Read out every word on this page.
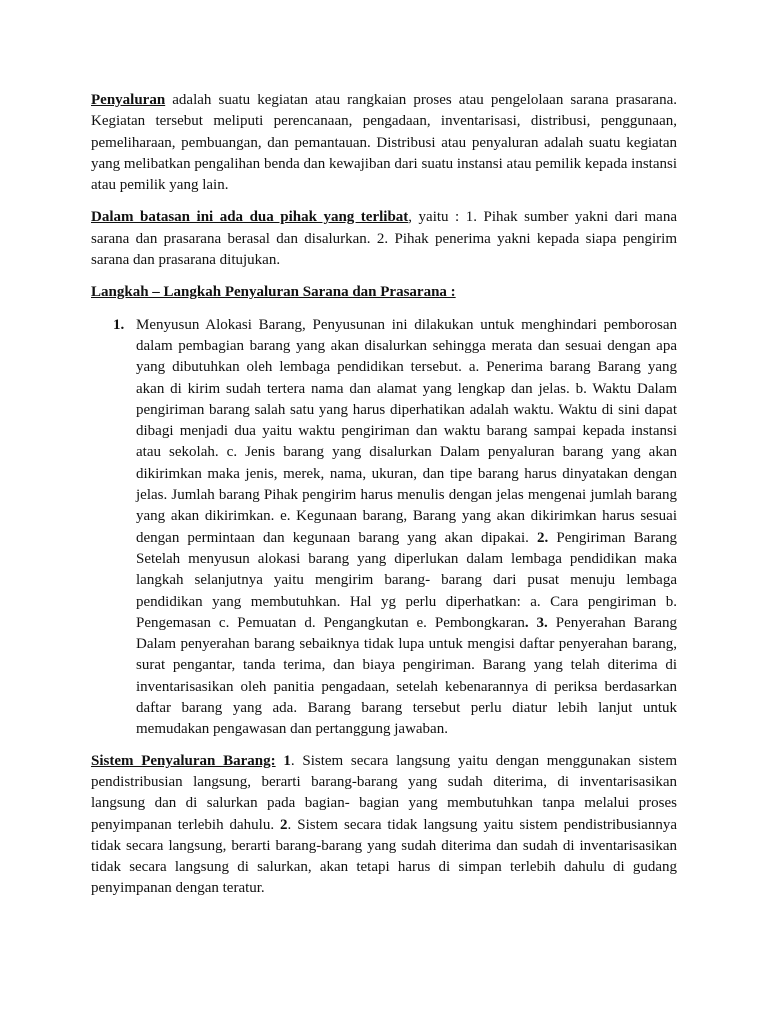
Penyaluran adalah suatu kegiatan atau rangkaian proses atau pengelolaan sarana prasarana. Kegiatan tersebut meliputi perencanaan, pengadaan, inventarisasi, distribusi, penggunaan, pemeliharaan, pembuangan, dan pemantauan. Distribusi atau penyaluran adalah suatu kegiatan yang melibatkan pengalihan benda dan kewajiban dari suatu instansi atau pemilik kepada instansi atau pemilik yang lain.

Dalam batasan ini ada dua pihak yang terlibat, yaitu : 1. Pihak sumber yakni dari mana sarana dan prasarana berasal dan disalurkan. 2. Pihak penerima yakni kepada siapa pengirim sarana dan prasarana ditujukan.

Langkah – Langkah Penyaluran Sarana dan Prasarana :

1. Menyusun Alokasi Barang, Penyusunan ini dilakukan untuk menghindari pemborosan dalam pembagian barang yang akan disalurkan sehingga merata dan sesuai dengan apa yang dibutuhkan oleh lembaga pendidikan tersebut. a. Penerima barang Barang yang akan di kirim sudah tertera nama dan alamat yang lengkap dan jelas. b. Waktu Dalam pengiriman barang salah satu yang harus diperhatikan adalah waktu. Waktu di sini dapat dibagi menjadi dua yaitu waktu pengiriman dan waktu barang sampai kepada instansi atau sekolah. c. Jenis barang yang disalurkan Dalam penyaluran barang yang akan dikirimkan maka jenis, merek, nama, ukuran, dan tipe barang harus dinyatakan dengan jelas. Jumlah barang Pihak pengirim harus menulis dengan jelas mengenai jumlah barang yang akan dikirimkan. e. Kegunaan barang, Barang yang akan dikirimkan harus sesuai dengan permintaan dan kegunaan barang yang akan dipakai. 2. Pengiriman Barang Setelah menyusun alokasi barang yang diperlukan dalam lembaga pendidikan maka langkah selanjutnya yaitu mengirim barang- barang dari pusat menuju lembaga pendidikan yang membutuhkan. Hal yg perlu diperhatkan: a. Cara pengiriman b. Pengemasan c. Pemuatan d. Pengangkutan e. Pembongkaran. 3. Penyerahan Barang Dalam penyerahan barang sebaiknya tidak lupa untuk mengisi daftar penyerahan barang, surat pengantar, tanda terima, dan biaya pengiriman. Barang yang telah diterima di inventarisasikan oleh panitia pengadaan, setelah kebenarannya di periksa berdasarkan daftar barang yang ada. Barang barang tersebut perlu diatur lebih lanjut untuk memudakan pengawasan dan pertanggung jawaban.

Sistem Penyaluran Barang: 1. Sistem secara langsung yaitu dengan menggunakan sistem pendistribusian langsung, berarti barang-barang yang sudah diterima, di inventarisasikan langsung dan di salurkan pada bagian- bagian yang membutuhkan tanpa melalui proses penyimpanan terlebih dahulu. 2. Sistem secara tidak langsung yaitu sistem pendistribusiannya tidak secara langsung, berarti barang-barang yang sudah diterima dan sudah di inventarisasikan tidak secara langsung di salurkan, akan tetapi harus di simpan terlebih dahulu di gudang penyimpanan dengan teratur.
